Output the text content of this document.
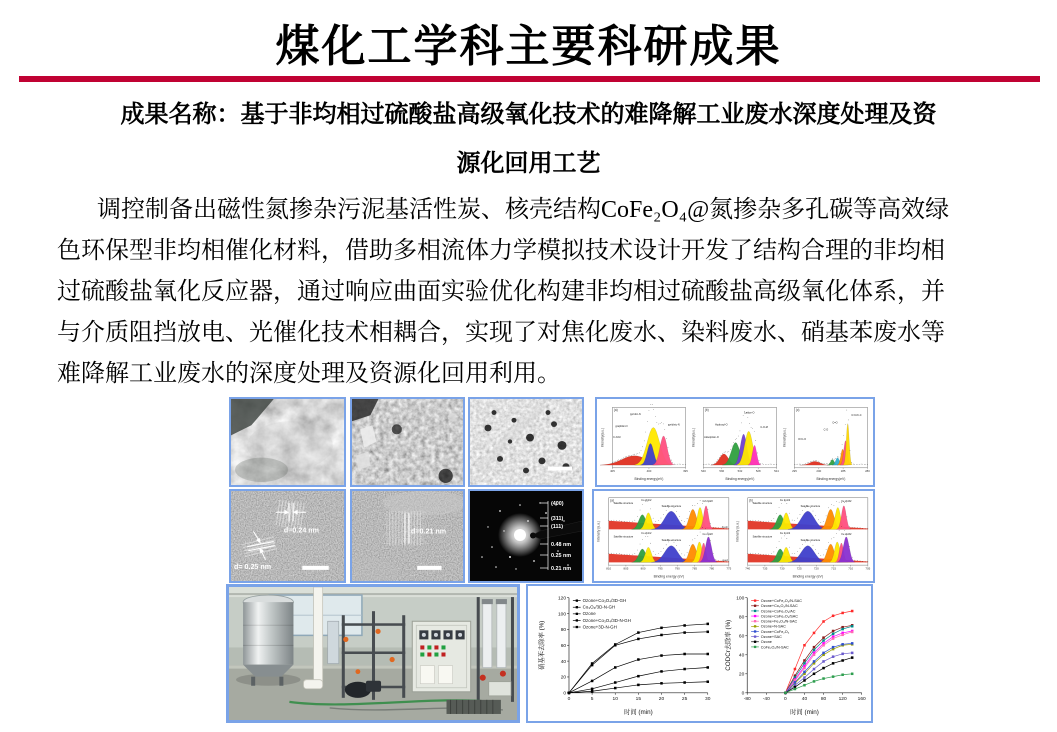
煤化工学科主要科研成果
成果名称：基于非均相过硫酸盐高级氧化技术的难降解工业废水深度处理及资
源化回用工艺
调控制备出磁性氮掺杂污泥基活性炭、核壳结构CoFe₂O₄@氮掺杂多孔碳等高效绿
色环保型非均相催化材料，借助多相流体力学模拟技术设计开发了结构合理的非均相
过硫酸盐氧化反应器，通过响应曲面实验优化构建非均相过硫酸盐高级氧化体系，并
与介质阻挡放电、光催化技术相耦合，实现了对焦化废水、染料废水、硝基苯废水等
难降解工业废水的深度处理及资源化回用利用。
405	400	395
Binding energy(eV)
Intensity(a.u.)
(a)
pyrrolic-N
graphitic-N
C-N-M
pyridinic-N
540	536	532	528	524
Binding energy(eV)
Intensity(a.u.)
(b)
Lattice-O
Hydroxyl-O
Adsorption-O
C-O-M
295	290	285	280
Binding energy(eV)
Intensity(a.u.)
(c)
O=C-O
C-O
C=O
C=C/C-C
d=0.24 nm
d= 0.25 nm
d=0.21 nm
(400)
(311)
(111)
0.48 nm
0.25 nm
0.21 nm	810	805	800	795	790	785	780	775
Binding energy (eV)
Intensity (a.u.)
(a)
fresh
used
Satellite structure
Co 2p1/2
Satellite structure
Co 2p3/2
Satellite structure
Co 2p1/2
Satellite structure
Co 2p3/2
740	735	730	725	720	715	710	705
Binding energy (eV)
Intensity (a.u.)
(b)
Satellite structure
Fe 2p1/2
Satellite structure
Fe 2p3/2
Satellite structure
Fe 2p1/2
Satellite structure
Fe 2p3/2
0	5	10	15	20	25	30
0
20
40
60
80
100
120
时间 (min)
硝基苯去除率 (%)
Ozone+Co₃O₄/3D-GH
Co₃O₄/3D-N-GH
Ozone
Ozone+Co₃O₄/3D-N-GH
Ozone+3D-N-GH
-80 -40	0	40	80 120 160
0
20
40
60
80
100
时间 (min)
CODCr去除率 (%)
Ozone+CoFe₂O₄/N-SAC
Ozone+Co₃O₄/N-SAC
Ozone+CoFe₂O₄/AC
Ozone+CoFe₂O₄/SAC
Ozone+Fe₃O₄/N-SAC
Ozone+N-SAC
Ozone+CoFe₂O₄
Ozone+SAC
Ozone
CoFe₂O₄/N-SAC
